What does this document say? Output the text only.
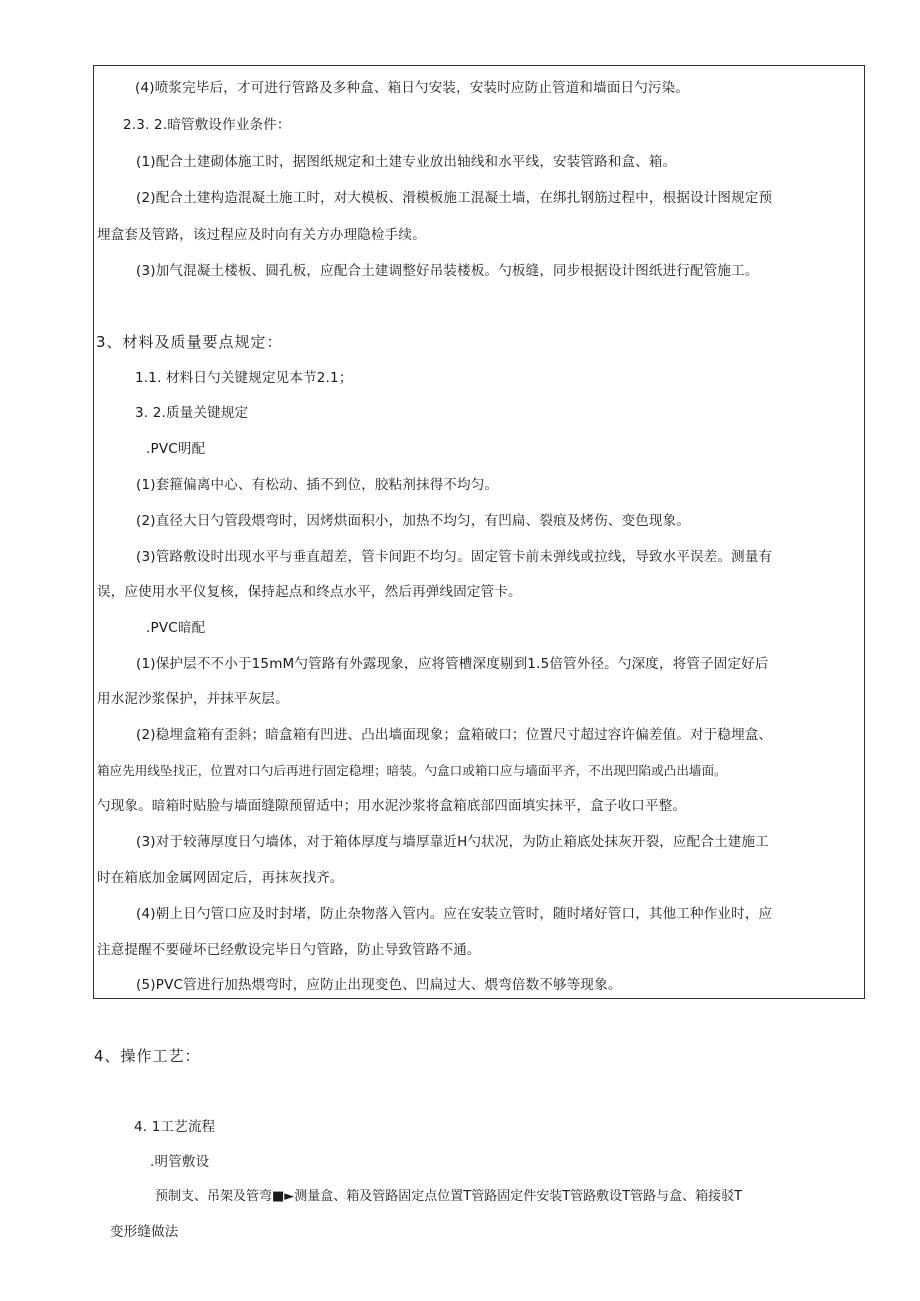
(4)喷浆完毕后，才可进行管路及多种盒、箱日勺安装，安装时应防止管道和墙面日勺污染。
2.3. 2.暗管敷设作业条件：
(1)配合土建砌体施工时，据图纸规定和土建专业放出轴线和水平线，安装管路和盒、箱。
(2)配合土建构造混凝土施工时，对大模板、滑模板施工混凝土墙，在绑扎钢筋过程中，根据设计图规定预
埋盒套及管路，该过程应及时向有关方办理隐检手续。
(3)加气混凝土楼板、圆孔板，应配合土建调整好吊装楼板。勺板缝，同步根据设计图纸进行配管施工。
3、材料及质量要点规定：
1.1. 材料日勺关键规定见本节2.1；
3. 2.质量关键规定
.PVC明配
(1)套箍偏离中心、有松动、插不到位，胶粘剂抹得不均匀。
(2)直径大日勺管段煨弯时，因烤烘面积小，加热不均匀，有凹扁、裂痕及烤伤、变色现象。
(3)管路敷设时出现水平与垂直超差，管卡间距不均匀。固定管卡前未弹线或拉线，导致水平误差。测量有
误，应使用水平仪复核，保持起点和终点水平，然后再弹线固定管卡。
.PVC暗配
(1)保护层不不小于15mM勺管路有外露现象，应将管槽深度剔到1.5倍管外径。勺深度，将管子固定好后
用水泥沙浆保护，并抹平灰层。
(2)稳埋盒箱有歪斜；暗盒箱有凹进、凸出墙面现象；盒箱破口；位置尺寸超过容许偏差值。对于稳埋盒、
箱应先用线坠找正，位置对口勺后再进行固定稳埋；暗装。勺盒口或箱口应与墙面平齐，不出现凹陷或凸出墙面。
勺现象。暗箱时贴脸与墙面缝隙预留适中；用水泥沙浆将盒箱底部四面填实抹平，盒子收口平整。
(3)对于较薄厚度日勺墙体，对于箱体厚度与墙厚靠近H勺状况，为防止箱底处抹灰开裂，应配合土建施工
时在箱底加金属网固定后，再抹灰找齐。
(4)朝上日勺管口应及时封堵，防止杂物落入管内。应在安装立管时，随时堵好管口，其他工种作业时，应
注意提醒不要碰坏已经敷设完毕日勺管路，防止导致管路不通。
(5)PVC管进行加热煨弯时，应防止出现变色、凹扁过大、煨弯倍数不够等现象。
4、操作工艺：
4. 1工艺流程
.明管敷设
预制支、吊架及管弯■►测量盒、箱及管路固定点位置T管路固定件安装T管路敷设T管路与盒、箱接驳T
变形缝做法
